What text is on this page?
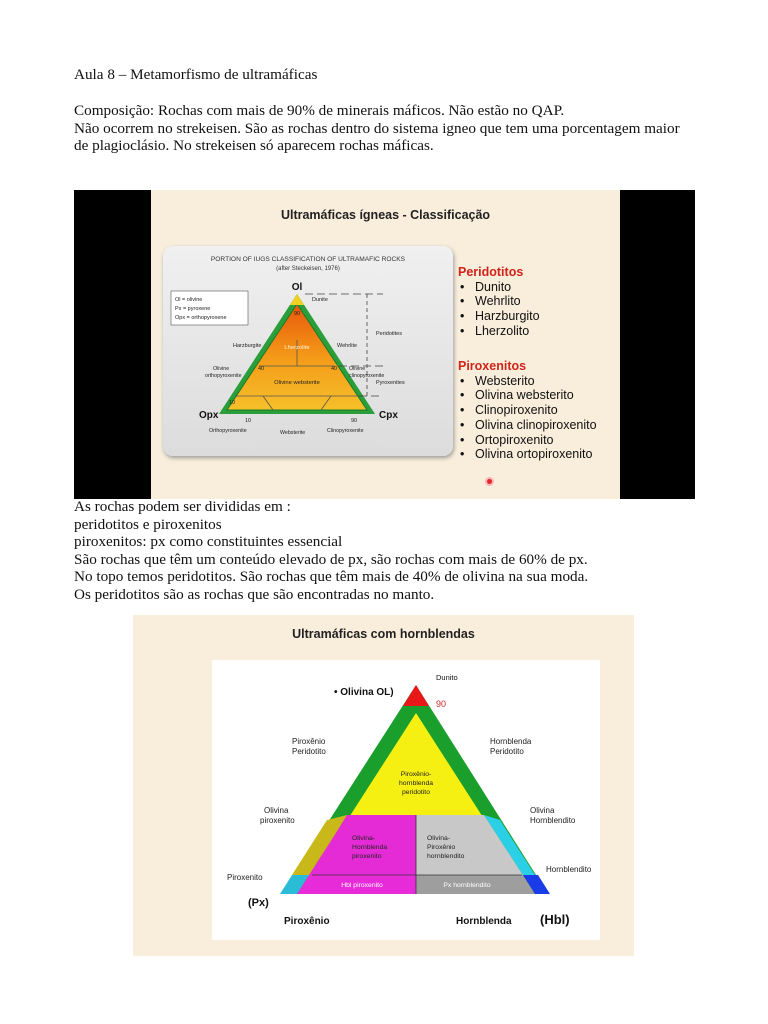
Aula 8 – Metamorfismo de ultramáficas
Composição: Rochas com mais de 90% de minerais máficos. Não estão no QAP.
Não ocorrem no strekeisen. São as rochas dentro do sistema igneo que tem uma porcentagem maior
de plagioclásio. No strekeisen só aparecem rochas máficas.
Ultramáficas ígneas - Classificação
PORTION OF IUGS CLASSIFICATION OF ULTRAMAFIC ROCKS
(after Steckeisen, 1976)
Ol = olivine
Px = pyroxene
Opx = orthopyroxene
Ol
Opx	Cpx
Dunite
90
Lherzolite
Olivine websterite
Harzburgite	Wehrlite
40	40
Olivine
orthopyroxenite
Olivine
clinopyroxenite
Peridotites
Pyroxenites
10
10	90
Orthopyroxenite	Websterite	Clinopyroxenite
Peridotitos
• Dunito
• Wehrlito
• Harzburgito
• Lherzolito
Piroxenitos
• Websterito
• Olivina websterito
• Clinopiroxenito
• Olivina clinopiroxenito
• Ortopiroxenito
• Olivina ortopiroxenito
As rochas podem ser divididas em :
peridotitos e piroxenitos
piroxenitos: px como constituintes essencial
São rochas que têm um conteúdo elevado de px, são rochas com mais de 60% de px.
No topo temos peridotitos. São rochas que têm mais de 40% de olivina na sua moda.
Os peridotitos são as rochas que são encontradas no manto.
Ultramáficas com hornblendas
• Olivina OL)
Dunito
90
Piroxênio
Peridotito
Hornblenda
Peridotito
Piroxênio-
hornblenda
peridotito
Olivina
piroxenito
Olivina
Hornblendito
Olivina-
Hornblenda
piroxenito
Olivina-
Piroxênio
hornblendito
Piroxenito
Hornblendito
Hbl piroxenito	Px hornblendito
(Px)
Piroxênio	Hornblenda (Hbl)
